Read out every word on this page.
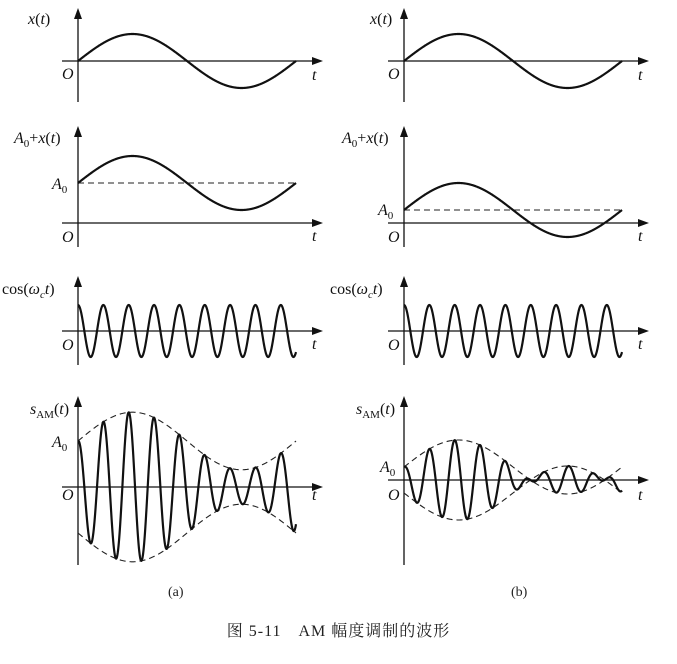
x(t)
O	t
$A_0+x(t)$
$A_0$
O	t
$\cos(\omega_ct)$
O	t
$s_{AM}(t)$
$A_0$
O	t
x(t)
O	t
$A_0+x(t)$
$A_0$
O	t
$\cos(\omega_ct)$
O	t
$s_{AM}(t)$
$A_0$
O	t
(a)	(b)
图 5-11　AM 幅度调制的波形
